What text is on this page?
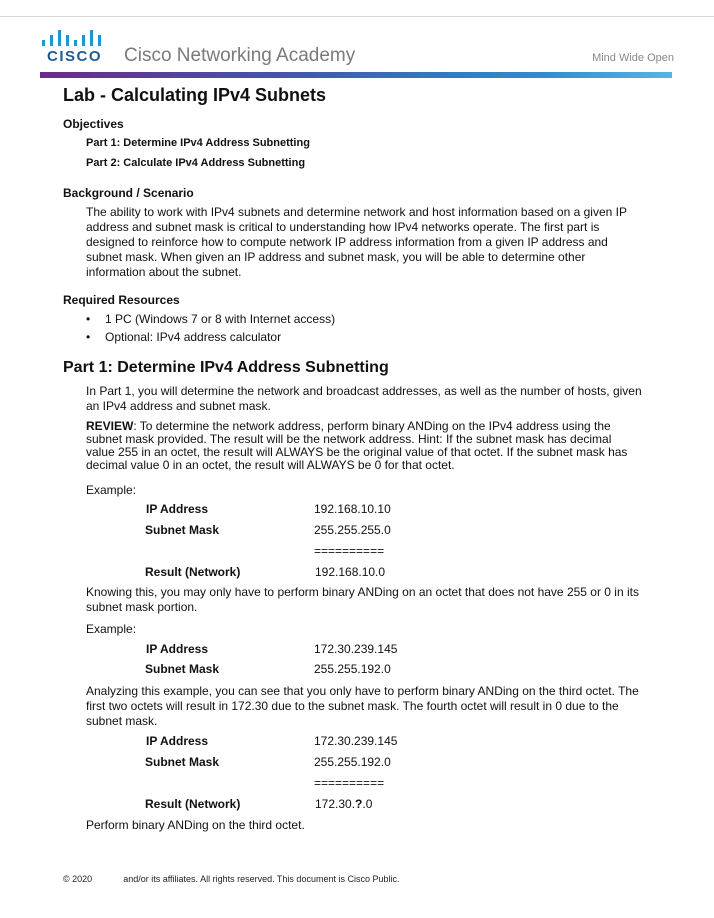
CISCO Cisco Networking Academy	Mind Wide Open
Lab - Calculating IPv4 Subnets
Objectives
Part 1: Determine IPv4 Address Subnetting
Part 2: Calculate IPv4 Address Subnetting
Background / Scenario
The ability to work with IPv4 subnets and determine network and host information based on a given IP
address and subnet mask is critical to understanding how IPv4 networks operate. The first part is
designed to reinforce how to compute network IP address information from a given IP address and
subnet mask. When given an IP address and subnet mask, you will be able to determine other
information about the subnet.
Required Resources
• 1 PC (Windows 7 or 8 with Internet access)
• Optional: IPv4 address calculator
Part 1: Determine IPv4 Address Subnetting
In Part 1, you will determine the network and broadcast addresses, as well as the number of hosts, given
an IPv4 address and subnet mask.
REVIEW: To determine the network address, perform binary ANDing on the IPv4 address using the
subnet mask provided. The result will be the network address. Hint: If the subnet mask has decimal
value 255 in an octet, the result will ALWAYS be the original value of that octet. If the subnet mask has
decimal value 0 in an octet, the result will ALWAYS be 0 for that octet.
Example:
IP Address	192.168.10.10
Subnet Mask	255.255.255.0
==========
Result (Network)	192.168.10.0
Knowing this, you may only have to perform binary ANDing on an octet that does not have 255 or 0 in its
subnet mask portion.
Example:
IP Address	172.30.239.145
Subnet Mask	255.255.192.0
Analyzing this example, you can see that you only have to perform binary ANDing on the third octet. The
first two octets will result in 172.30 due to the subnet mask. The fourth octet will result in 0 due to the
subnet mask.
IP Address	172.30.239.145
Subnet Mask	255.255.192.0
==========
Result (Network)	172.30.?.0
Perform binary ANDing on the third octet.
© 2020	and/or its affiliates. All rights reserved. This document is Cisco Public.
